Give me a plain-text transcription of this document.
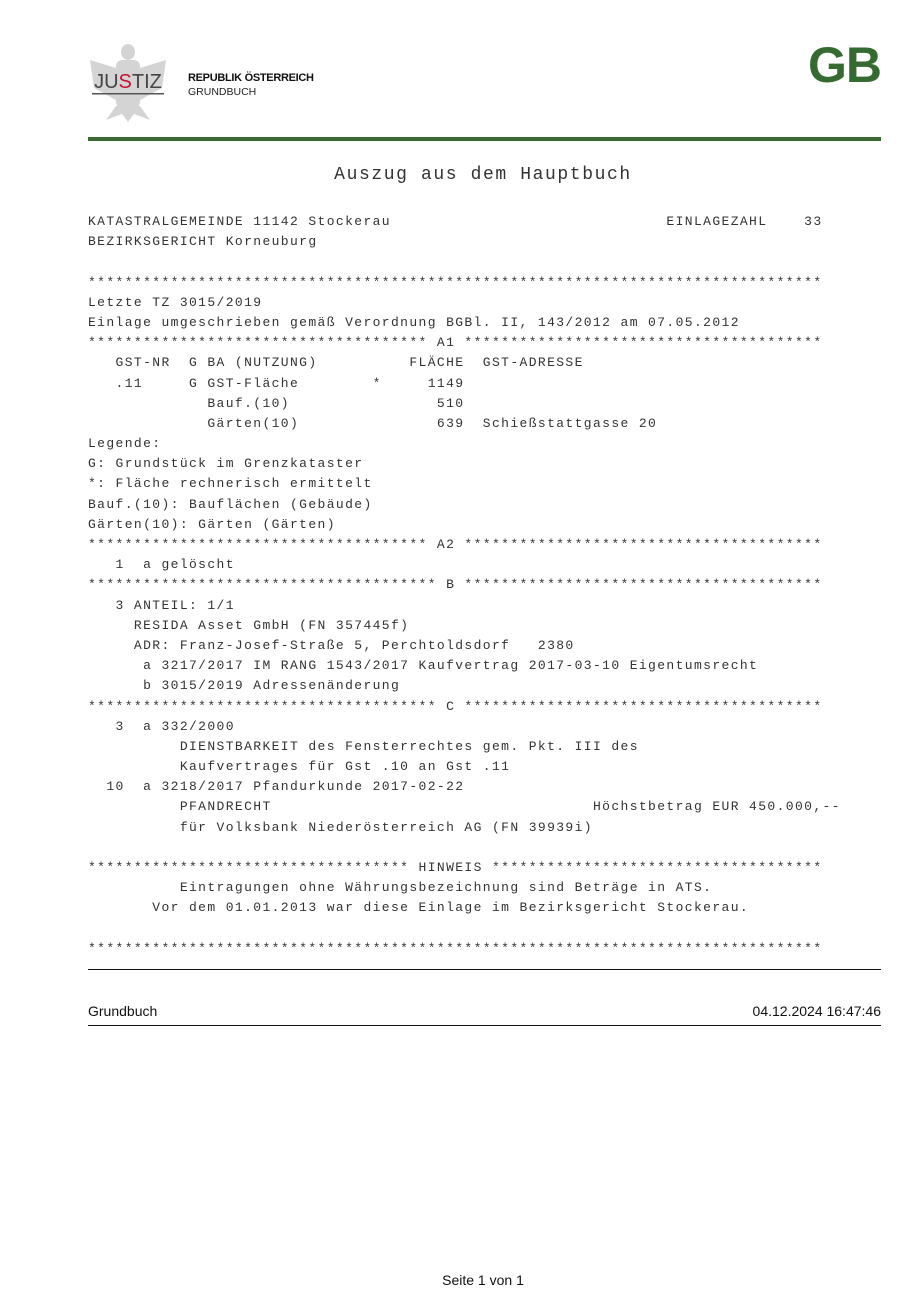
JUSTIZ REPUBLIK ÖSTERREICH
GRUNDBUCH	GB
Auszug aus dem Hauptbuch
KATASTRALGEMEINDE 11142 Stockerau                              EINLAGEZAHL    33
BEZIRKSGERICHT Korneuburg
********************************************************************************
Letzte TZ 3015/2019
Einlage umgeschrieben gemäß Verordnung BGBl. II, 143/2012 am 07.05.2012
************************************* A1 ***************************************
GST-NR  G BA (NUTZUNG)          FLÄCHE  GST-ADRESSE
.11     G GST-Fläche        *     1149
Bauf.(10)                510
Gärten(10)               639  Schießstattgasse 20
Legende:
G: Grundstück im Grenzkataster
*: Fläche rechnerisch ermittelt
Bauf.(10): Bauflächen (Gebäude)
Gärten(10): Gärten (Gärten)
************************************* A2 ***************************************
1  a gelöscht
************************************** B ***************************************
3 ANTEIL: 1/1
RESIDA Asset GmbH (FN 357445f)
ADR: Franz-Josef-Straße 5, Perchtoldsdorf   2380
a 3217/2017 IM RANG 1543/2017 Kaufvertrag 2017-03-10 Eigentumsrecht
b 3015/2019 Adressenänderung
************************************** C ***************************************
3  a 332/2000
DIENSTBARKEIT des Fensterrechtes gem. Pkt. III des
Kaufvertrages für Gst .10 an Gst .11
10  a 3218/2017 Pfandurkunde 2017-02-22
PFANDRECHT                                   Höchstbetrag EUR 450.000,--
für Volksbank Niederösterreich AG (FN 39939i)
*********************************** HINWEIS ************************************
Eintragungen ohne Währungsbezeichnung sind Beträge in ATS.
Vor dem 01.01.2013 war diese Einlage im Bezirksgericht Stockerau.
********************************************************************************
Grundbuch	04.12.2024 16:47:46
Seite 1 von 1
